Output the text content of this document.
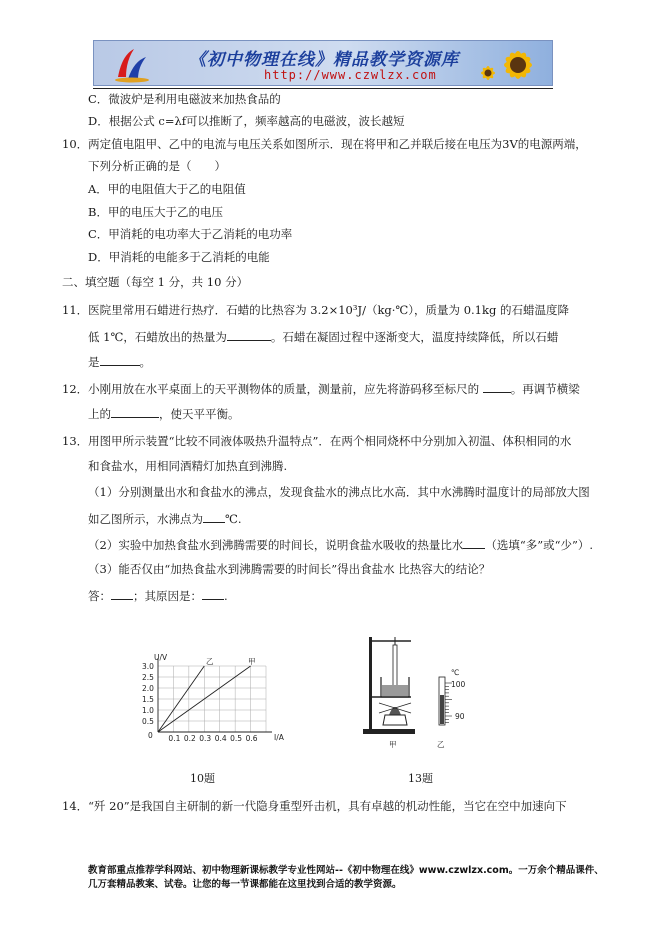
《初中物理在线》精品教学资源库
http://www.czwlzx.com
C．微波炉是利用电磁波来加热食品的
D．根据公式 c=λf可以推断了，频率越高的电磁波，波长越短
10．两定值电阻甲、乙中的电流与电压关系如图所示．现在将甲和乙并联后接在电压为3V的电源两端，
下列分析正确的是（　　）
A．甲的电阻值大于乙的电阻值
B．甲的电压大于乙的电压
C．甲消耗的电功率大于乙消耗的电功率
D．甲消耗的电能多于乙消耗的电能
二、填空题（每空 1 分，共 10 分）
11．医院里常用石蜡进行热疗．石蜡的比热容为 3.2×10³J/（kg·℃），质量为 0.1kg 的石蜡温度降
低 1℃，石蜡放出的热量为	。石蜡在凝固过程中逐渐变大，温度持续降低，所以石蜡
是	。
12．小刚用放在水平桌面上的天平测物体的质量，测量前，应先将游码移至标尺的	。再调节横梁
上的	，使天平平衡。
13．用图甲所示装置“比较不同液体吸热升温特点”．在两个相同烧杯中分别加入初温、体积相同的水
和食盐水，用相同酒精灯加热直到沸腾.
（1）分别测量出水和食盐水的沸点，发现食盐水的沸点比水高．其中水沸腾时温度计的局部放大图
如乙图所示，水沸点为 ℃.
（2）实验中加热食盐水到沸腾需要的时间长，说明食盐水吸收的热量比水 （选填“多”或“少”）.
（3）能否仅由“加热食盐水到沸腾需要的时间长”得出食盐水 比热容大的结论？
答： ；其原因是： .
0.1 0.2 0.3 0.4 0.5 0.6
0.5
1.0
1.5
2.0
2.5
3.0
U/V
I/A
0
乙	甲
10题
甲
℃
100
90
乙
13题
14．“歼 20”是我国自主研制的新一代隐身重型歼击机，具有卓越的机动性能，当它在空中加速向下
教育部重点推荐学科网站、初中物理新课标教学专业性网站--《初中物理在线》www.czwlzx.com。一万余个精品课件、
几万套精品教案、试卷。让您的每一节课都能在这里找到合适的教学资源。
